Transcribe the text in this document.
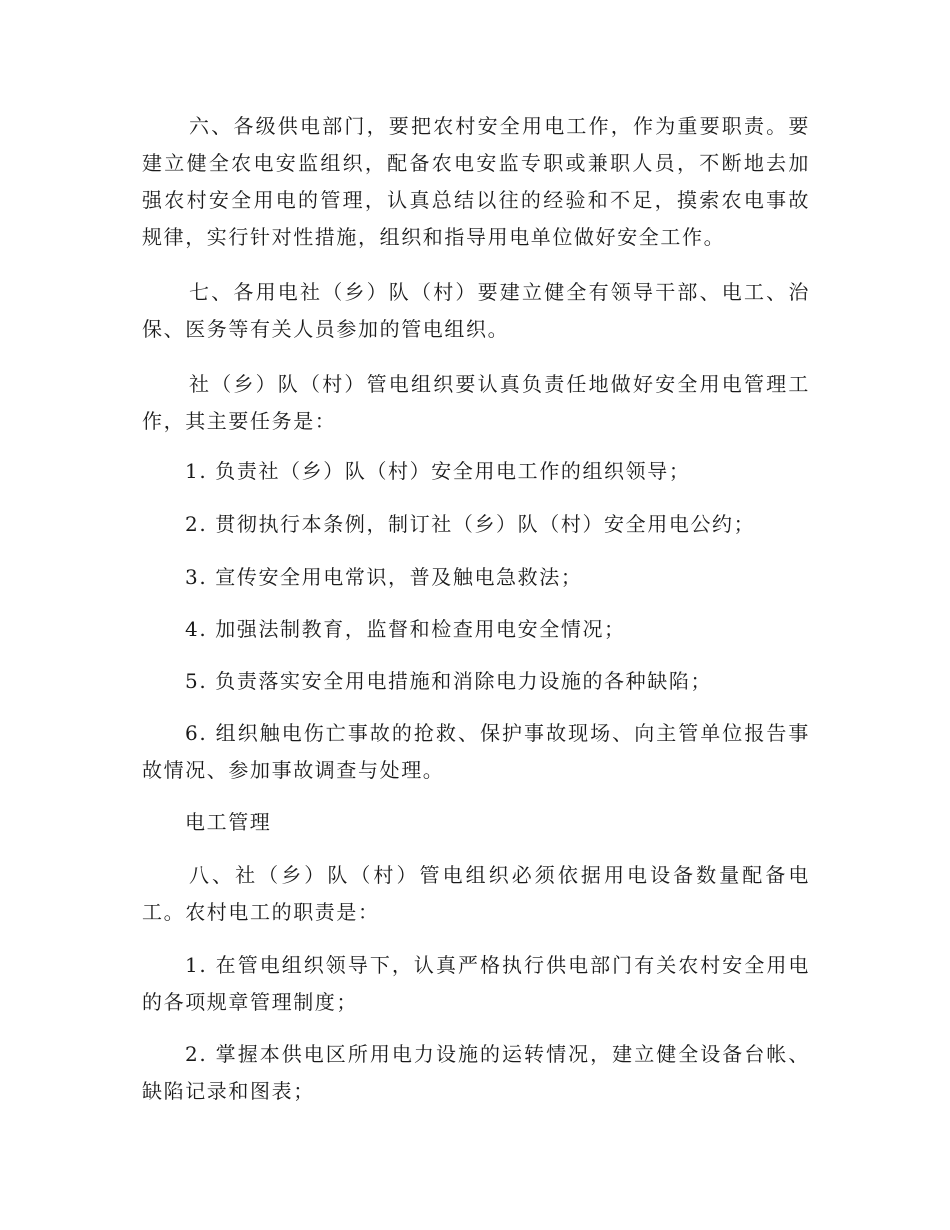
六、各级供电部门，要把农村安全用电工作，作为重要职责。要建立健全农电安监组织，配备农电安监专职或兼职人员，不断地去加强农村安全用电的管理，认真总结以往的经验和不足，摸索农电事故规律，实行针对性措施，组织和指导用电单位做好安全工作。

七、各用电社（乡）队（村）要建立健全有领导干部、电工、治保、医务等有关人员参加的管电组织。

社（乡）队（村）管电组织要认真负责任地做好安全用电管理工作，其主要任务是：

1. 负责社（乡）队（村）安全用电工作的组织领导；

2. 贯彻执行本条例，制订社（乡）队（村）安全用电公约；

3. 宣传安全用电常识，普及触电急救法；

4. 加强法制教育，监督和检查用电安全情况；

5. 负责落实安全用电措施和消除电力设施的各种缺陷；

6. 组织触电伤亡事故的抢救、保护事故现场、向主管单位报告事故情况、参加事故调查与处理。

电工管理

八、社（乡）队（村）管电组织必须依据用电设备数量配备电工。农村电工的职责是：

1. 在管电组织领导下，认真严格执行供电部门有关农村安全用电的各项规章管理制度；

2. 掌握本供电区所用电力设施的运转情况，建立健全设备台帐、缺陷记录和图表；
